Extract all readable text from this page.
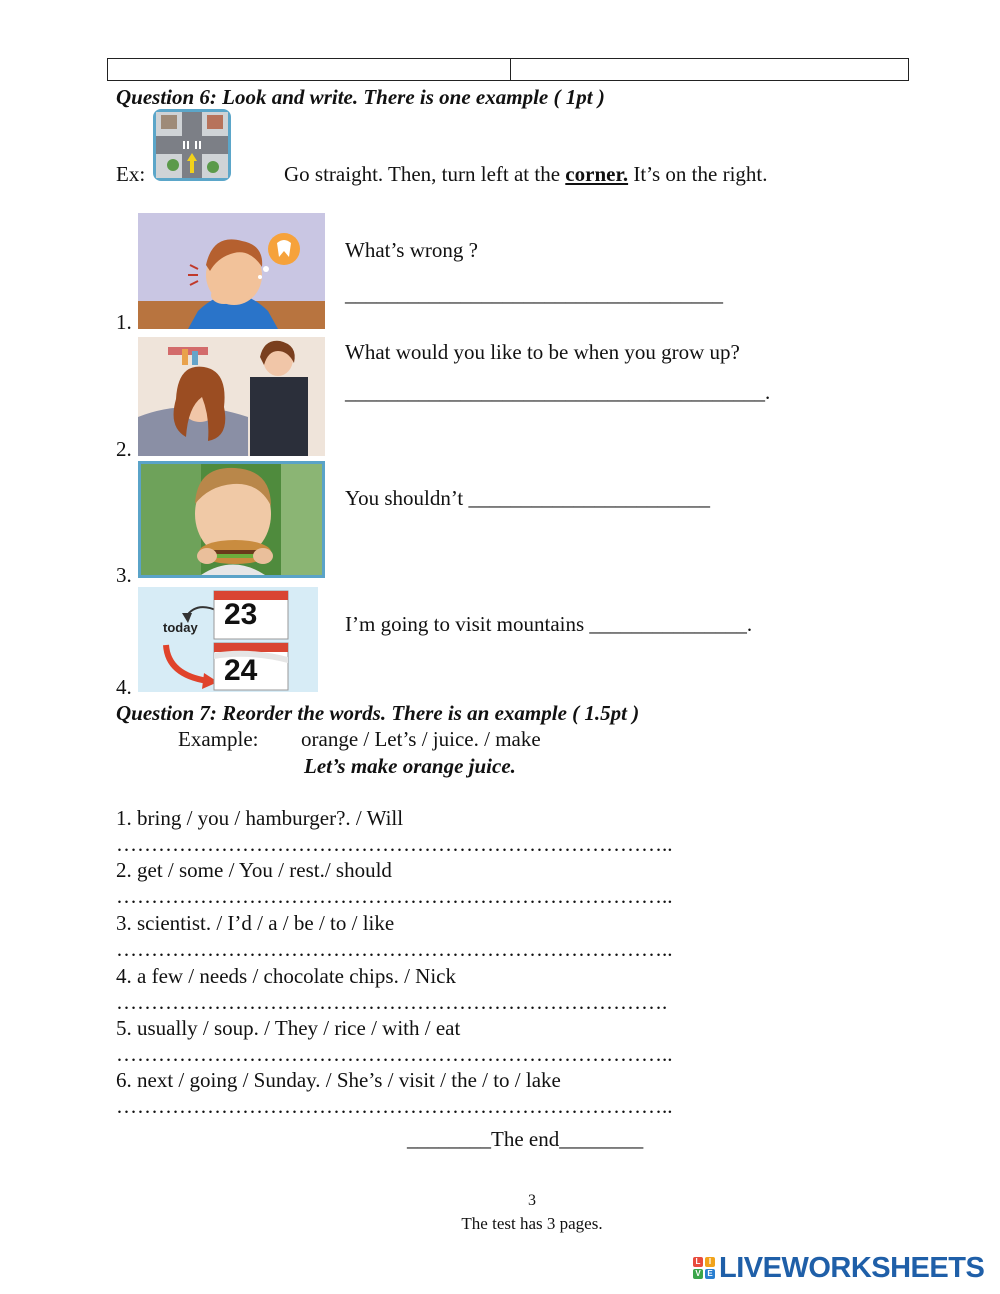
Question 6: Look and write. There is one example ( 1pt )
Ex:	Go straight. Then, turn left at the corner. It’s on the right.
1.
What’s wrong ?
____________________________________
2.
What would you like to be when you grow up?
________________________________________.
3.
You shouldn’t _______________________
4.
today 23
24
I’m going to visit mountains _______________.
Question 7: Reorder the words. There is an example ( 1.5pt )
Example: orange / Let’s / juice. / make
Let’s make orange juice.
1. bring / you / hamburger?. / Will
……………………………………………………………………..
2. get / some / You / rest./ should
……………………………………………………………………..
3. scientist. / I’d / a / be / to / like
……………………………………………………………………..
4. a few / needs / chocolate chips. / Nick
…………………………………………………………………….
5. usually / soup. / They / rice / with / eat
……………………………………………………………………..
6. next / going / Sunday. / She’s / visit / the / to / lake
……………………………………………………………………..
________The end________
3
The test has 3 pages.
L	I
V E LIVEWORKSHEETS
